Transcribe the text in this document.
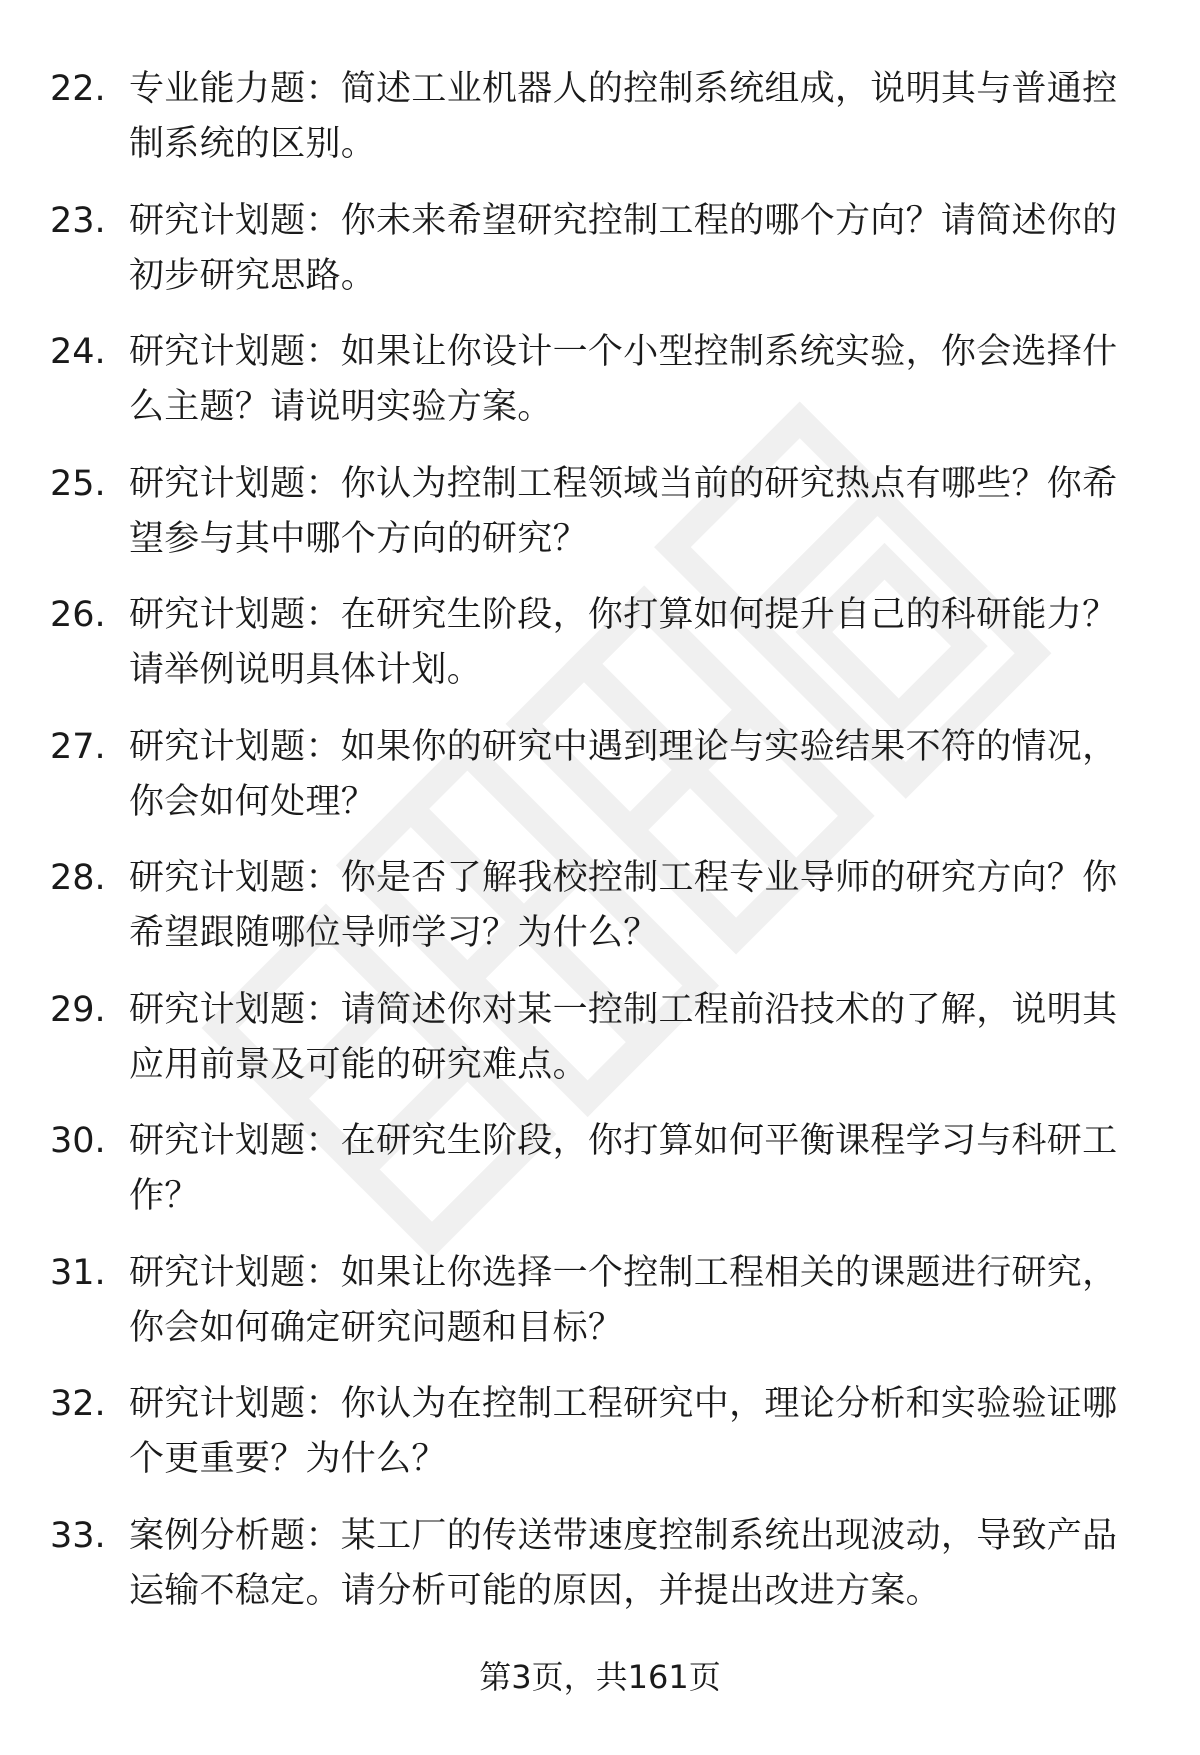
22. 专业能力题：简述工业机器人的控制系统组成，说明其与普通控制系统的区别。
23. 研究计划题：你未来希望研究控制工程的哪个方向？请简述你的初步研究思路。
24. 研究计划题：如果让你设计一个小型控制系统实验，你会选择什么主题？请说明实验方案。
25. 研究计划题：你认为控制工程领域当前的研究热点有哪些？你希望参与其中哪个方向的研究？
26. 研究计划题：在研究生阶段，你打算如何提升自己的科研能力？请举例说明具体计划。
27. 研究计划题：如果你的研究中遇到理论与实验结果不符的情况，你会如何处理？
28. 研究计划题：你是否了解我校控制工程专业导师的研究方向？你希望跟随哪位导师学习？为什么？
29. 研究计划题：请简述你对某一控制工程前沿技术的了解，说明其应用前景及可能的研究难点。
30. 研究计划题：在研究生阶段，你打算如何平衡课程学习与科研工作？
31. 研究计划题：如果让你选择一个控制工程相关的课题进行研究，你会如何确定研究问题和目标？
32. 研究计划题：你认为在控制工程研究中，理论分析和实验验证哪个更重要？为什么？
33. 案例分析题：某工厂的传送带速度控制系统出现波动，导致产品运输不稳定。请分析可能的原因，并提出改进方案。
第3页，共161页
